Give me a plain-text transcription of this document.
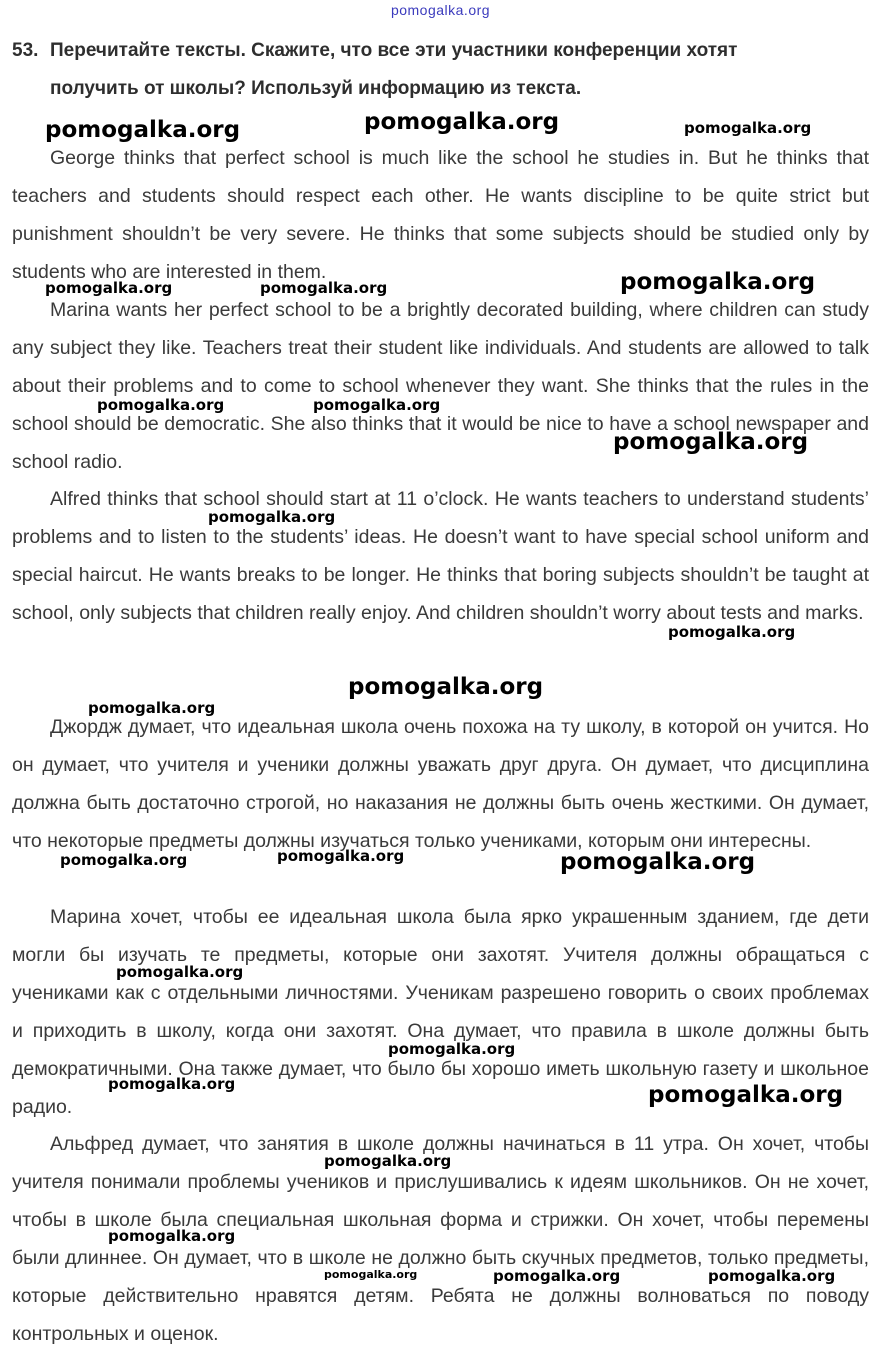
pomogalka.org
53. Перечитайте тексты. Скажите, что все эти участники конференции хотят
получить от школы? Используй информацию из текста.

George thinks that perfect school is much like the school he studies in. But he thinks that teachers and students should respect each other. He wants discipline to be quite strict but punishment shouldn’t be very severe. He thinks that some subjects should be studied only by students who are interested in them.

Marina wants her perfect school to be a brightly decorated building, where children can study any subject they like. Teachers treat their student like individuals. And students are allowed to talk about their problems and to come to school whenever they want. She thinks that the rules in the school should be democratic. She also thinks that it would be nice to have a school newspaper and school radio.

Alfred thinks that school should start at 11 o’clock. He wants teachers to understand students’ problems and to listen to the students’ ideas. He doesn’t want to have special school uniform and special haircut. He wants breaks to be longer. He thinks that boring subjects shouldn’t be taught at school, only subjects that children really enjoy. And children shouldn’t worry about tests and marks.

Джордж думает, что идеальная школа очень похожа на ту школу, в которой он учится. Но он думает, что учителя и ученики должны уважать друг друга. Он думает, что дисциплина должна быть достаточно строгой, но наказания не должны быть очень жесткими. Он думает, что некоторые предметы должны изучаться только учениками, которым они интересны.

Марина хочет, чтобы ее идеальная школа была ярко украшенным зданием, где дети могли бы изучать те предметы, которые они захотят. Учителя должны обращаться с учениками как с отдельными личностями. Ученикам разрешено говорить о своих проблемах и приходить в школу, когда они захотят. Она думает, что правила в школе должны быть демократичными. Она также думает, что было бы хорошо иметь школьную газету и школьное радио.

Альфред думает, что занятия в школе должны начинаться в 11 утра. Он хочет, чтобы учителя понимали проблемы учеников и прислушивались к идеям школьников. Он не хочет, чтобы в школе была специальная школьная форма и стрижки. Он хочет, чтобы перемены были длиннее. Он думает, что в школе не должно быть скучных предметов, только предметы, которые действительно нравятся детям. Ребята не должны волноваться по поводу контрольных и оценок.

pomogalka.org	pomogalka.org	pomogalka.org
pomogalka.org	pomogalka.org	pomogalka.org
pomogalka.org	pomogalka.org
pomogalka.org
pomogalka.org
pomogalka.org
pomogalka.org
pomogalka.org
pomogalka.org	pomogalka.org	pomogalka.org
pomogalka.org
pomogalka.org
pomogalka.org	pomogalka.org
pomogalka.org
pomogalka.org
pomogalka.org	pomogalka.org	pomogalka.org
